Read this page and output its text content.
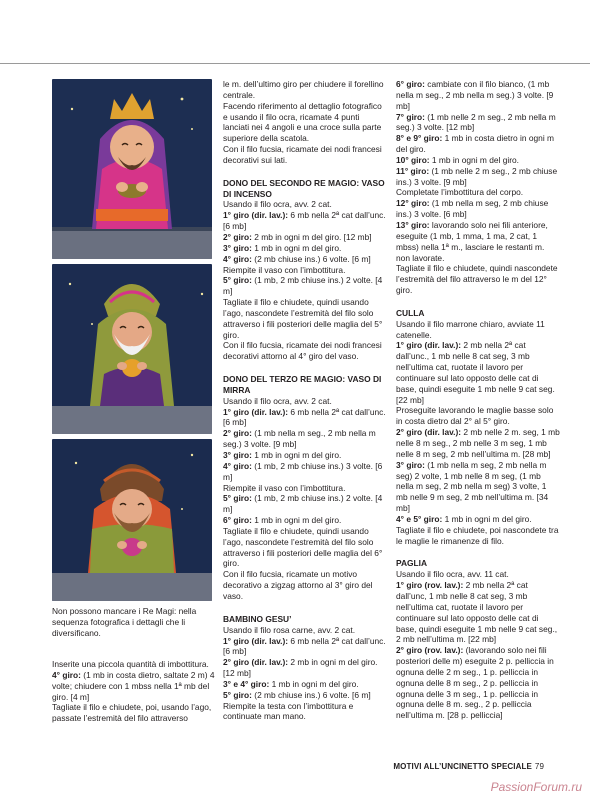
Non possono mancare i Re Magi: nella sequenza fotografica i dettagli che li diversificano.

Inserite una piccola quantità di imbottitura.

4° giro: (1 mb in costa dietro, saltate 2 m) 4 volte; chiudere con 1 mbss nella 1ª mb del giro. [4 m]

Tagliate il filo e chiudete, poi, usando l’ago, passate l’estremità del filo attraverso

le m. dell’ultimo giro per chiudere il forellino centrale.

Facendo riferimento al dettaglio fotografico e usando il filo ocra, ricamate 4 punti lanciati nei 4 angoli e una croce sulla parte superiore della scatola.

Con il filo fucsia, ricamate dei nodi francesi decorativi sui lati.

DONO DEL SECONDO RE MAGIO: VASO DI INCENSO

Usando il filo ocra, avv. 2 cat.

1° giro (dir. lav.): 6 mb nella 2ª cat dall’unc. [6 mb]

2° giro: 2 mb in ogni m del giro. [12 mb]

3° giro: 1 mb in ogni m del giro.

4° giro: (2 mb chiuse ins.) 6 volte. [6 m]

Riempite il vaso con l’imbottitura.

5° giro: (1 mb, 2 mb chiuse ins.) 2 volte. [4 m]

Tagliate il filo e chiudete, quindi usando l’ago, nascondete l’estremità del filo solo attraverso i fili posteriori delle maglia del 5° giro.

Con il filo fucsia, ricamate dei nodi francesi decorativi attorno al 4° giro del vaso.

DONO DEL TERZO RE MAGIO: VASO DI MIRRA

Usando il filo ocra, avv. 2 cat.

1° giro (dir. lav.): 6 mb nella 2ª cat dall’unc. [6 mb]

2° giro: (1 mb nella m seg., 2 mb nella m seg.) 3 volte. [9 mb]

3° giro: 1 mb in ogni m del giro.

4° giro: (1 mb, 2 mb chiuse ins.) 3 volte. [6 m]

Riempite il vaso con l’imbottitura.

5° giro: (1 mb, 2 mb chiuse ins.) 2 volte. [4 m]

6° giro: 1 mb in ogni m del giro.

Tagliate il filo e chiudete, quindi usando l’ago, nascondete l’estremità del filo solo attraverso i fili posteriori delle maglia del 6° giro.

Con il filo fucsia, ricamate un motivo decorativo a zigzag attorno al 3° giro del vaso.

BAMBINO GESU’

Usando il filo rosa carne, avv. 2 cat.

1° giro (dir. lav.): 6 mb nella 2ª cat dall’unc. [6 mb]

2° giro (dir. lav.): 2 mb in ogni m del giro. [12 mb]

3° e 4° giro: 1 mb in ogni m del giro.

5° giro: (2 mb chiuse ins.) 6 volte. [6 m]

Riempite la testa con l’imbottitura e continuate man mano.

6° giro: cambiate con il filo bianco, (1 mb nella m seg., 2 mb nella m seg.) 3 volte. [9 mb]

7° giro: (1 mb nelle 2 m seg., 2 mb nella m seg.) 3 volte. [12 mb]

8° e 9° giro: 1 mb in costa dietro in ogni m del giro.

10° giro: 1 mb in ogni m del giro.

11° giro: (1 mb nelle 2 m seg., 2 mb chiuse ins.) 3 volte. [9 mb]

Completate l’imbottitura del corpo.

12° giro: (1 mb nella m seg, 2 mb chiuse ins.) 3 volte. [6 mb]

13° giro: lavorando solo nei fili anteriore, eseguite (1 mb, 1 mma, 1 ma, 2 cat, 1 mbss) nella 1ª m., lasciare le restanti m. non lavorate.

Tagliate il filo e chiudete, quindi nascondete l’estremità del filo attraverso le m del 12° giro.

CULLA

Usando il filo marrone chiaro, avviate 11 catenelle.

1° giro (dir. lav.): 2 mb nella 2ª cat dall’unc., 1 mb nelle 8 cat seg, 3 mb nell’ultima cat, ruotate il lavoro per continuare sul lato opposto delle cat di base, quindi eseguite 1 mb nelle 9 cat seg. [22 mb]

Proseguite lavorando le maglie basse solo in costa dietro dal 2° al 5° giro.

2° giro (dir. lav.): 2 mb nelle 2 m. seg, 1 mb nelle 8 m seg., 2 mb nelle 3 m seg, 1 mb nelle 8 m seg, 2 mb nell’ultima m. [28 mb]

3° giro: (1 mb nella m seg, 2 mb nella m seg) 2 volte, 1 mb nelle 8 m seg, (1 mb nella m seg, 2 mb nella m seg) 3 volte, 1 mb nelle 9 m seg, 2 mb nell’ultima m. [34 mb]

4° e 5° giro: 1 mb in ogni m del giro.

Tagliate il filo e chiudete, poi nascondete tra le maglie le rimanenze di filo.

PAGLIA

Usando il filo ocra, avv. 11 cat.

1° giro (rov. lav.): 2 mb nella 2ª cat dall’unc, 1 mb nelle 8 cat seg, 3 mb nell’ultima cat, ruotate il lavoro per continuare sul lato opposto delle cat di base, quindi eseguite 1 mb nelle 9 cat seg., 2 mb nell’ultima m. [22 mb]

2° giro (rov. lav.): (lavorando solo nei fili posteriori delle m) eseguite 2 p. pelliccia in ognuna delle 2 m seg., 1 p. pelliccia in ognuna delle 8 m seg., 2 p. pelliccia in ognuna delle 3 m seg., 1 p. pelliccia in ognuna delle 8 m. seg., 2 p. pelliccia nell’ultima m. [28 p. pelliccia]

MOTIVI ALL’UNCINETTO SPECIALE 79
PassionForum.ru
